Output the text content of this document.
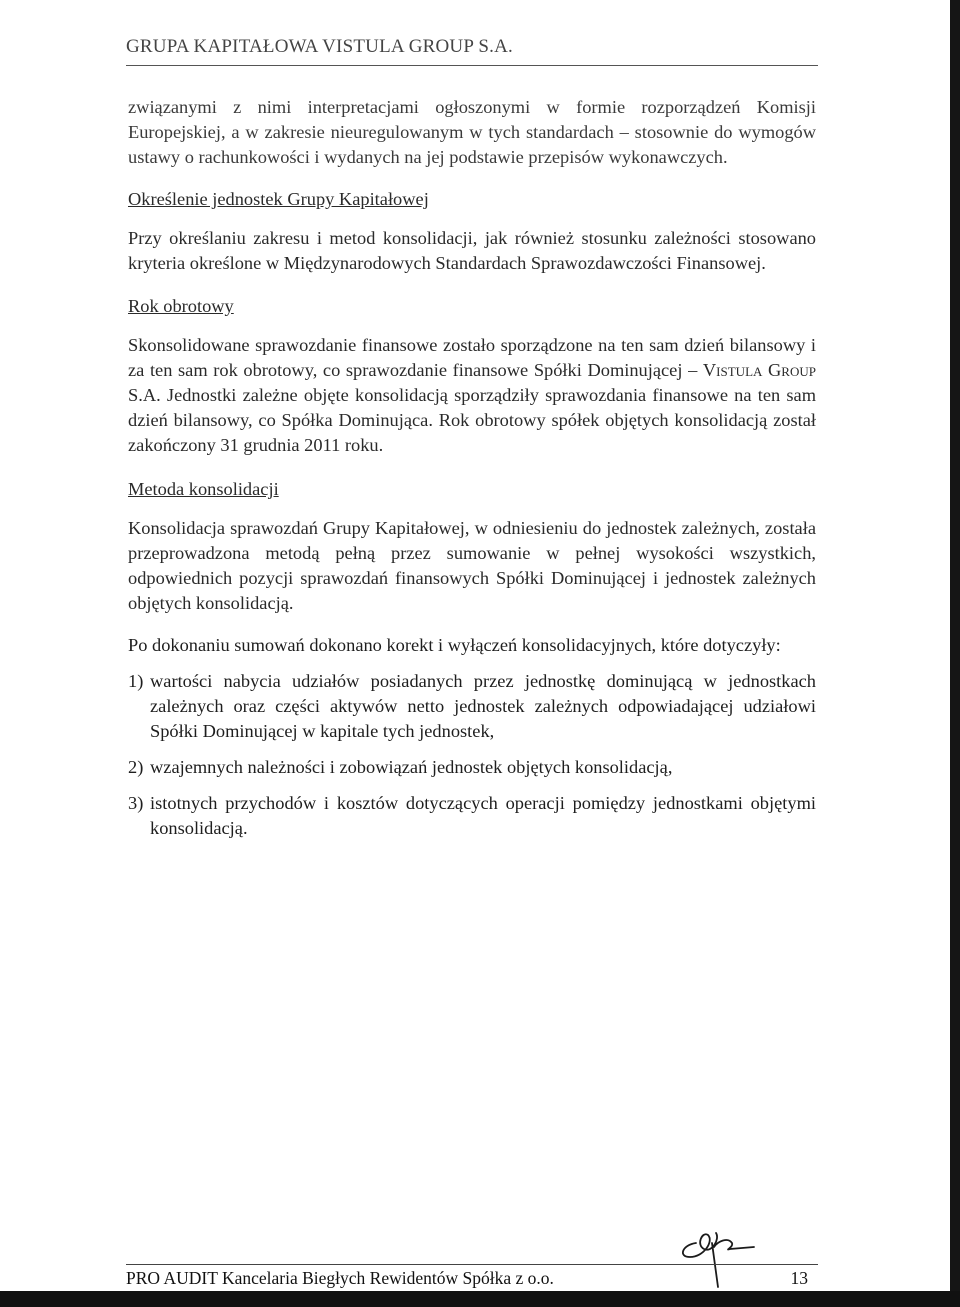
GRUPA KAPITAŁOWA VISTULA GROUP S.A.

związanymi z nimi interpretacjami ogłoszonymi w formie rozporządzeń Komisji Europejskiej, a w zakresie nieuregulowanym w tych standardach – stosownie do wymogów ustawy o rachunkowości i wydanych na jej podstawie przepisów wykonawczych.

Określenie jednostek Grupy Kapitałowej

Przy określaniu zakresu i metod konsolidacji, jak również stosunku zależności stosowano kryteria określone w Międzynarodowych Standardach Sprawozdawczości Finansowej.

Rok obrotowy

Skonsolidowane sprawozdanie finansowe zostało sporządzone na ten sam dzień bilansowy i za ten sam rok obrotowy, co sprawozdanie finansowe Spółki Dominującej – Vistula Group S.A. Jednostki zależne objęte konsolidacją sporządziły sprawozdania finansowe na ten sam dzień bilansowy, co Spółka Dominująca. Rok obrotowy spółek objętych konsolidacją został zakończony 31 grudnia 2011 roku.

Metoda konsolidacji

Konsolidacja sprawozdań Grupy Kapitałowej, w odniesieniu do jednostek zależnych, została przeprowadzona metodą pełną przez sumowanie w pełnej wysokości wszystkich, odpowiednich pozycji sprawozdań finansowych Spółki Dominującej i jednostek zależnych objętych konsolidacją.

Po dokonaniu sumowań dokonano korekt i wyłączeń konsolidacyjnych, które dotyczyły:

1) wartości nabycia udziałów posiadanych przez jednostkę dominującą w jednostkach zależnych oraz części aktywów netto jednostek zależnych odpowiadającej udziałowi Spółki Dominującej w kapitale tych jednostek,
2) wzajemnych należności i zobowiązań jednostek objętych konsolidacją,
3) istotnych przychodów i kosztów dotyczących operacji pomiędzy jednostkami objętymi konsolidacją.
PRO AUDIT Kancelaria Biegłych Rewidentów Spółka z o.o.	13
